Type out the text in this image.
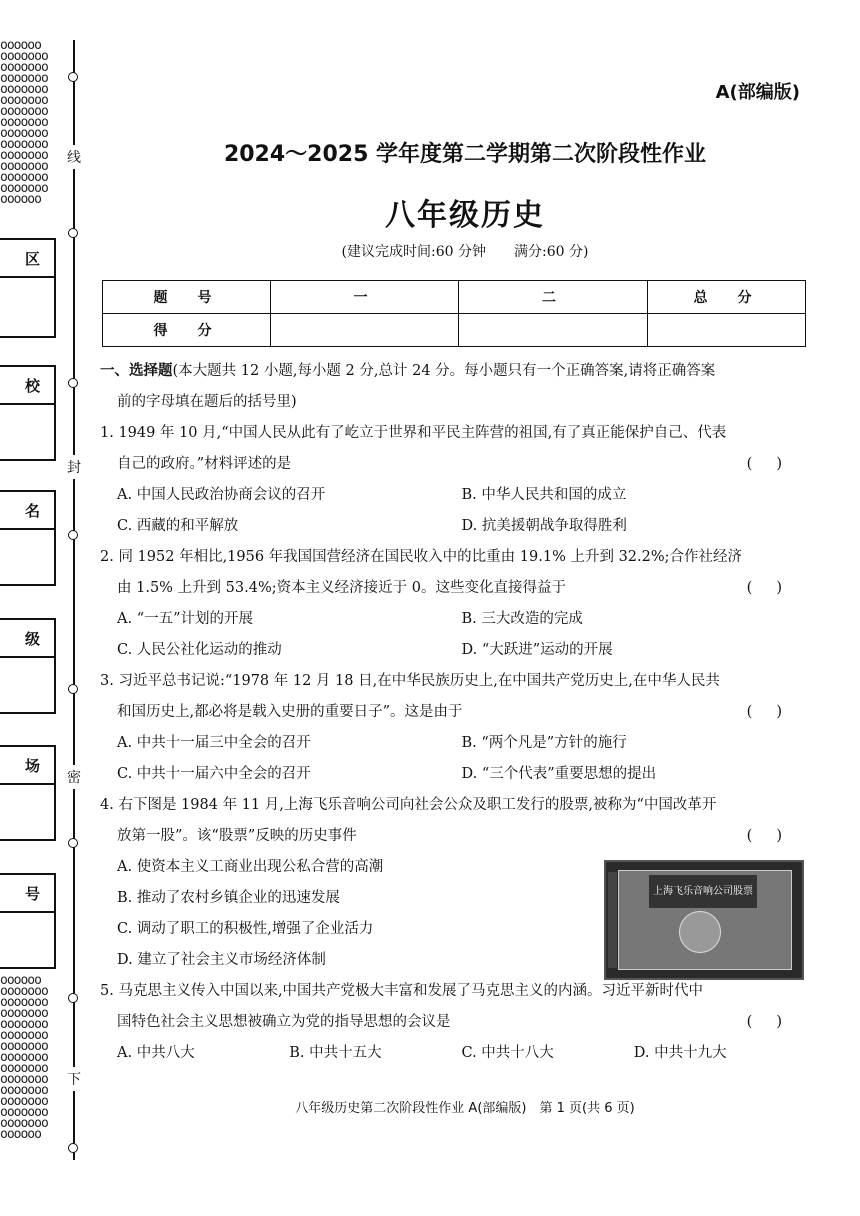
oooooo
ooooooo
ooooooo
ooooooo
ooooooo
ooooooo
ooooooo
ooooooo
ooooooo
ooooooo
ooooooo
ooooooo
ooooooo
ooooooo
oooooo
oooooo
ooooooo
ooooooo
ooooooo
ooooooo
ooooooo
ooooooo
ooooooo
ooooooo
ooooooo
ooooooo
ooooooo
ooooooo
ooooooo
oooooo
线
封
密
下
区
校
名
级
场
号
A(部编版)
2024～2025 学年度第二学期第二次阶段性作业
八年级历史
(建议完成时间:60 分钟　　满分:60 分)
题　号	一	二	总　分
得　分			

一、选择题(本大题共 12 小题,每小题 2 分,总计 24 分。每小题只有一个正确答案,请将正确答案

前的字母填在题后的括号里)

1. 1949 年 10 月,“中国人民从此有了屹立于世界和平民主阵营的祖国,有了真正能保护自己、代表

自己的政府。”材料评述的是	()

A. 中国人民政治协商会议的召开	B. 中华人民共和国的成立
C. 西藏的和平解放	D. 抗美援朝战争取得胜利

2. 同 1952 年相比,1956 年我国国营经济在国民收入中的比重由 19.1% 上升到 32.2%;合作社经济

由 1.5% 上升到 53.4%;资本主义经济接近于 0。这些变化直接得益于	()

A. “一五”计划的开展	B. 三大改造的完成
C. 人民公社化运动的推动	D. “大跃进”运动的开展

3. 习近平总书记说:“1978 年 12 月 18 日,在中华民族历史上,在中国共产党历史上,在中华人民共

和国历史上,都必将是载入史册的重要日子”。这是由于	()

A. 中共十一届三中全会的召开	B. “两个凡是”方针的施行
C. 中共十一届六中全会的召开	D. “三个代表”重要思想的提出

4. 右下图是 1984 年 11 月,上海飞乐音响公司向社会公众及职工发行的股票,被称为“中国改革开

放第一股”。该“股票”反映的历史事件	()

A. 使资本主义工商业出现公私合营的高潮

B. 推动了农村乡镇企业的迅速发展

C. 调动了职工的积极性,增强了企业活力

D. 建立了社会主义市场经济体制

上海飞乐音响公司股票

5. 马克思主义传入中国以来,中国共产党极大丰富和发展了马克思主义的内涵。习近平新时代中

国特色社会主义思想被确立为党的指导思想的会议是	()

A. 中共八大	B. 中共十五大	C. 中共十八大	D. 中共十九大
八年级历史第二次阶段性作业 A(部编版)　第 1 页(共 6 页)
